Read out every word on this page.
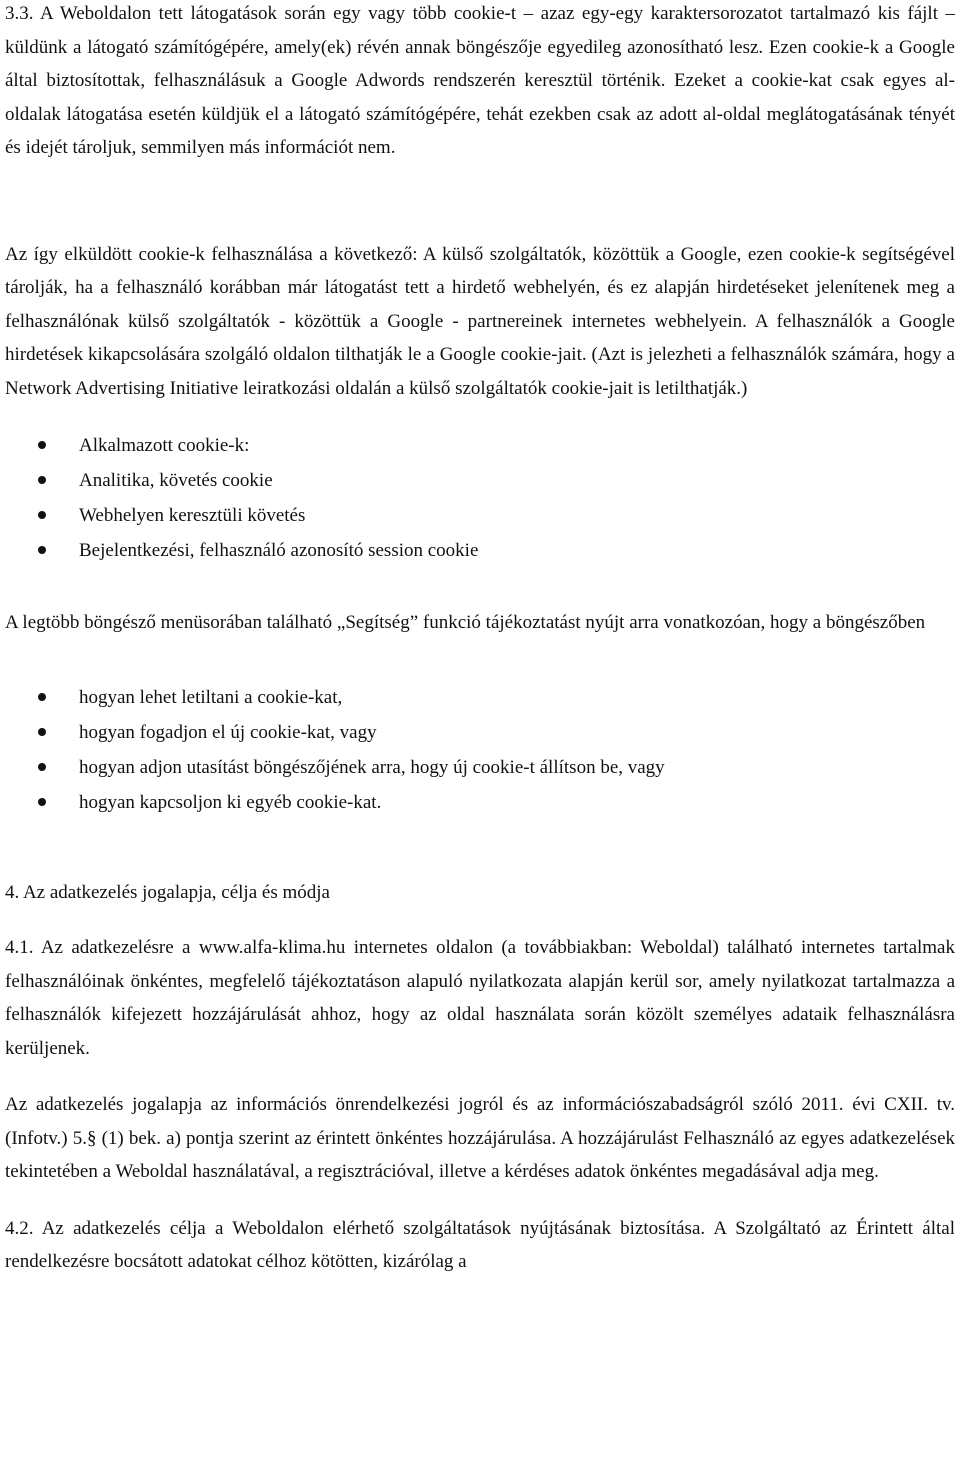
3.3. A Weboldalon tett látogatások során egy vagy több cookie-t – azaz egy-egy karaktersorozatot tartalmazó kis fájlt – küldünk a látogató számítógépére, amely(ek) révén annak böngészője egyedileg azonosítható lesz. Ezen cookie-k a Google által biztosítottak, felhasználásuk a Google Adwords rendszerén keresztül történik. Ezeket a cookie-kat csak egyes al-oldalak látogatása esetén küldjük el a látogató számítógépére, tehát ezekben csak az adott al-oldal meglátogatásának tényét és idejét tároljuk, semmilyen más információt nem.

Az így elküldött cookie-k felhasználása a következő: A külső szolgáltatók, közöttük a Google, ezen cookie-k segítségével tárolják, ha a felhasználó korábban már látogatást tett a hirdető webhelyén, és ez alapján hirdetéseket jelenítenek meg a felhasználónak külső szolgáltatók - közöttük a Google - partnereinek internetes webhelyein. A felhasználók a Google hirdetések kikapcsolására szolgáló oldalon tilthatják le a Google cookie-jait. (Azt is jelezheti a felhasználók számára, hogy a Network Advertising Initiative leiratkozási oldalán a külső szolgáltatók cookie-jait is letilthatják.)

Alkalmazott cookie-k:
Analitika, követés cookie
Webhelyen keresztüli követés
Bejelentkezési, felhasználó azonosító session cookie

A legtöbb böngésző menüsorában található „Segítség” funkció tájékoztatást nyújt arra vonatkozóan, hogy a böngészőben

hogyan lehet letiltani a cookie-kat,
hogyan fogadjon el új cookie-kat, vagy
hogyan adjon utasítást böngészőjének arra, hogy új cookie-t állítson be, vagy
hogyan kapcsoljon ki egyéb cookie-kat.

4. Az adatkezelés jogalapja, célja és módja

4.1. Az adatkezelésre a www.alfa-klima.hu internetes oldalon (a továbbiakban: Weboldal) található internetes tartalmak felhasználóinak önkéntes, megfelelő tájékoztatáson alapuló nyilatkozata alapján kerül sor, amely nyilatkozat tartalmazza a felhasználók kifejezett hozzájárulását ahhoz, hogy az oldal használata során közölt személyes adataik felhasználásra kerüljenek.

Az adatkezelés jogalapja az információs önrendelkezési jogról és az információszabadságról szóló 2011. évi CXII. tv. (Infotv.) 5.§ (1) bek. a) pontja szerint az érintett önkéntes hozzájárulása. A hozzájárulást Felhasználó az egyes adatkezelések tekintetében a Weboldal használatával, a regisztrációval, illetve a kérdéses adatok önkéntes megadásával adja meg.

4.2. Az adatkezelés célja a Weboldalon elérhető szolgáltatások nyújtásának biztosítása. A Szolgáltató az Érintett által rendelkezésre bocsátott adatokat célhoz kötötten, kizárólag a
